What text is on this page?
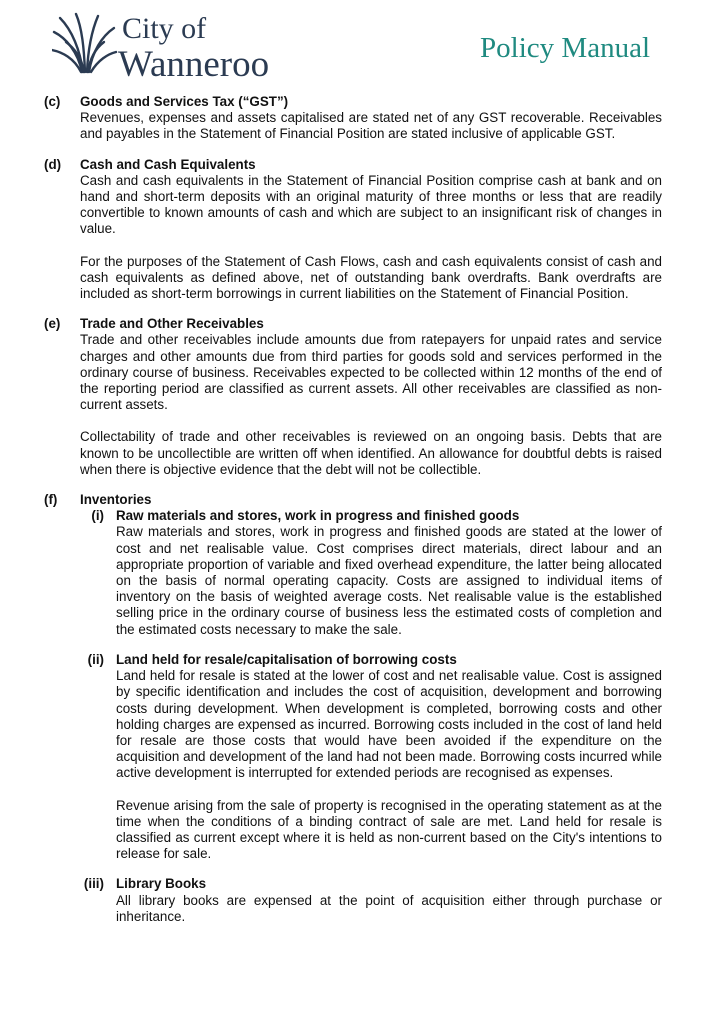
City of
Wanneroo	Policy Manual
(c) Goods and Services Tax (“GST”)

Revenues, expenses and assets capitalised are stated net of any GST recoverable. Receivables and payables in the Statement of Financial Position are stated inclusive of applicable GST.

(d) Cash and Cash Equivalents

Cash and cash equivalents in the Statement of Financial Position comprise cash at bank and on hand and short-term deposits with an original maturity of three months or less that are readily convertible to known amounts of cash and which are subject to an insignificant risk of changes in value.

For the purposes of the Statement of Cash Flows, cash and cash equivalents consist of cash and cash equivalents as defined above, net of outstanding bank overdrafts. Bank overdrafts are included as short-term borrowings in current liabilities on the Statement of Financial Position.

(e) Trade and Other Receivables

Trade and other receivables include amounts due from ratepayers for unpaid rates and service charges and other amounts due from third parties for goods sold and services performed in the ordinary course of business. Receivables expected to be collected within 12 months of the end of the reporting period are classified as current assets. All other receivables are classified as non-current assets.

Collectability of trade and other receivables is reviewed on an ongoing basis. Debts that are known to be uncollectible are written off when identified. An allowance for doubtful debts is raised when there is objective evidence that the debt will not be collectible.

(f) Inventories
(i) Raw materials and stores, work in progress and finished goods

Raw materials and stores, work in progress and finished goods are stated at the lower of cost and net realisable value. Cost comprises direct materials, direct labour and an appropriate proportion of variable and fixed overhead expenditure, the latter being allocated on the basis of normal operating capacity. Costs are assigned to individual items of inventory on the basis of weighted average costs. Net realisable value is the established selling price in the ordinary course of business less the estimated costs of completion and the estimated costs necessary to make the sale.

(ii) Land held for resale/capitalisation of borrowing costs

Land held for resale is stated at the lower of cost and net realisable value. Cost is assigned by specific identification and includes the cost of acquisition, development and borrowing costs during development. When development is completed, borrowing costs and other holding charges are expensed as incurred. Borrowing costs included in the cost of land held for resale are those costs that would have been avoided if the expenditure on the acquisition and development of the land had not been made. Borrowing costs incurred while active development is interrupted for extended periods are recognised as expenses.

Revenue arising from the sale of property is recognised in the operating statement as at the time when the conditions of a binding contract of sale are met. Land held for resale is classified as current except where it is held as non-current based on the City's intentions to release for sale.

(iii) Library Books

All library books are expensed at the point of acquisition either through purchase or inheritance.
